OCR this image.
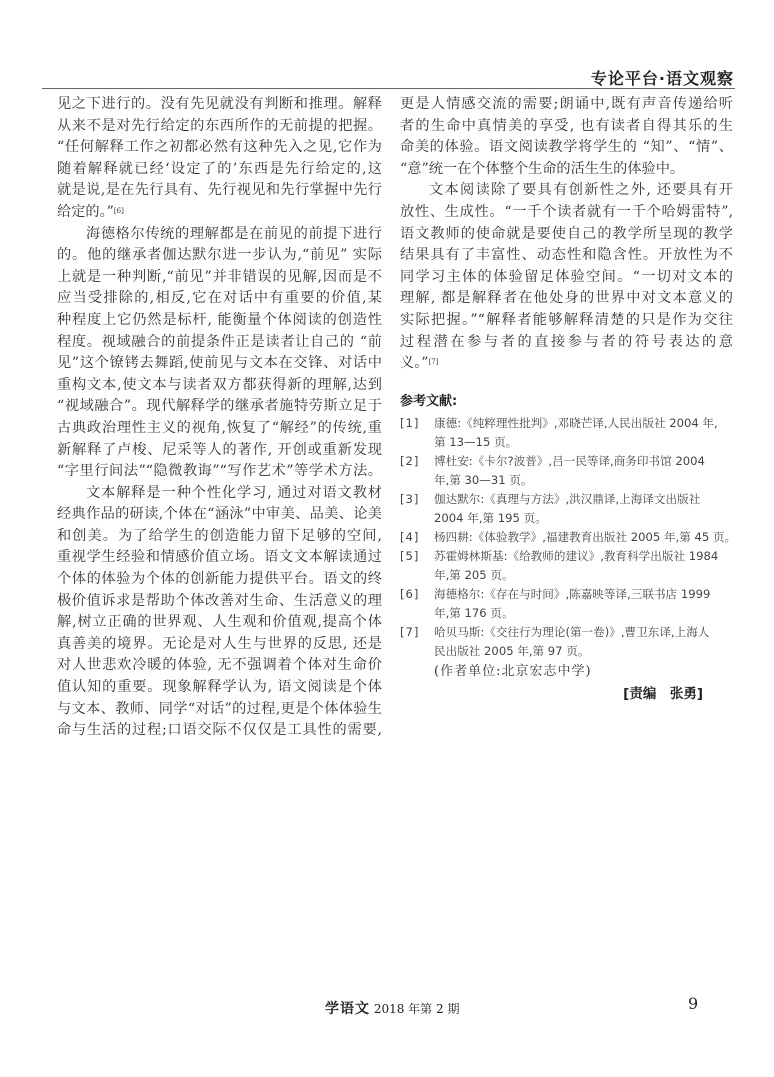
专论平台·语文观察
见之下进行的。没有先见就没有判断和推理。解释
从来不是对先行给定的东西所作的无前提的把握。
“任何解释工作之初都必然有这种先入之见,它作为
随着解释就已经‘设定了的’东西是先行给定的,这
就是说,是在先行具有、先行视见和先行掌握中先行
给定的。”[6]
海德格尔传统的理解都是在前见的前提下进行
的。他的继承者伽达默尔进一步认为,“前见” 实际
上就是一种判断,“前见”并非错误的见解,因而是不
应当受排除的,相反,它在对话中有重要的价值,某
种程度上它仍然是标杆, 能衡量个体阅读的创造性
程度。视域融合的前提条件正是读者让自己的 “前
见”这个镣铐去舞蹈,使前见与文本在交锋、对话中
重构文本,使文本与读者双方都获得新的理解,达到
“视域融合”。现代解释学的继承者施特劳斯立足于
古典政治理性主义的视角,恢复了“解经”的传统,重
新解释了卢梭、尼采等人的著作, 开创或重新发现
“字里行间法”“隐微教诲”“写作艺术”等学术方法。
文本解释是一种个性化学习, 通过对语文教材
经典作品的研读,个体在“涵泳”中审美、品美、论美
和创美。为了给学生的创造能力留下足够的空间,
重视学生经验和情感价值立场。语文文本解读通过
个体的体验为个体的创新能力提供平台。语文的终
极价值诉求是帮助个体改善对生命、生活意义的理
解,树立正确的世界观、人生观和价值观,提高个体
真善美的境界。无论是对人生与世界的反思, 还是
对人世悲欢冷暖的体验, 无不强调着个体对生命价
值认知的重要。现象解释学认为, 语文阅读是个体
与文本、教师、同学“对话”的过程,更是个体体验生
命与生活的过程;口语交际不仅仅是工具性的需要,
更是人情感交流的需要;朗诵中,既有声音传递给听
者的生命中真情美的享受, 也有读者自得其乐的生
命美的体验。语文阅读教学将学生的 “知”、“情”、
“意”统一在个体整个生命的活生生的体验中。
文本阅读除了要具有创新性之外, 还要具有开
放性、生成性。“一千个读者就有一千个哈姆雷特”,
语文教师的使命就是要使自己的教学所呈现的教学
结果具有了丰富性、动态性和隐含性。开放性为不
同学习主体的体验留足体验空间。“一切对文本的
理解, 都是解释者在他处身的世界中对文本意义的
实际把握。”“解释者能够解释清楚的只是作为交往
过程潜在参与者的直接参与者的符号表达的意
义。”[7]
参考文献:
[1] 康德:《纯粹理性批判》,邓晓芒译,人民出版社 2004 年,
第 13—15 页。
[2] 博杜安:《卡尔?波普》,吕一民等译,商务印书馆 2004
年,第 30—31 页。
[3] 伽达默尔:《真理与方法》,洪汉鼎译,上海译文出版社
2004 年,第 195 页。
[4] 杨四耕:《体验教学》,福建教育出版社 2005 年,第 45 页。
[5] 苏霍姆林斯基:《给教师的建议》,教育科学出版社 1984
年,第 205 页。
[6] 海德格尔:《存在与时间》,陈嘉映等译,三联书店 1999
年,第 176 页。
[7] 哈贝马斯:《交往行为理论(第一卷)》,曹卫东译,上海人
民出版社 2005 年,第 97 页。
(作者单位:北京宏志中学)
[责编　张勇]
学语文 2018 年第 2 期	9
